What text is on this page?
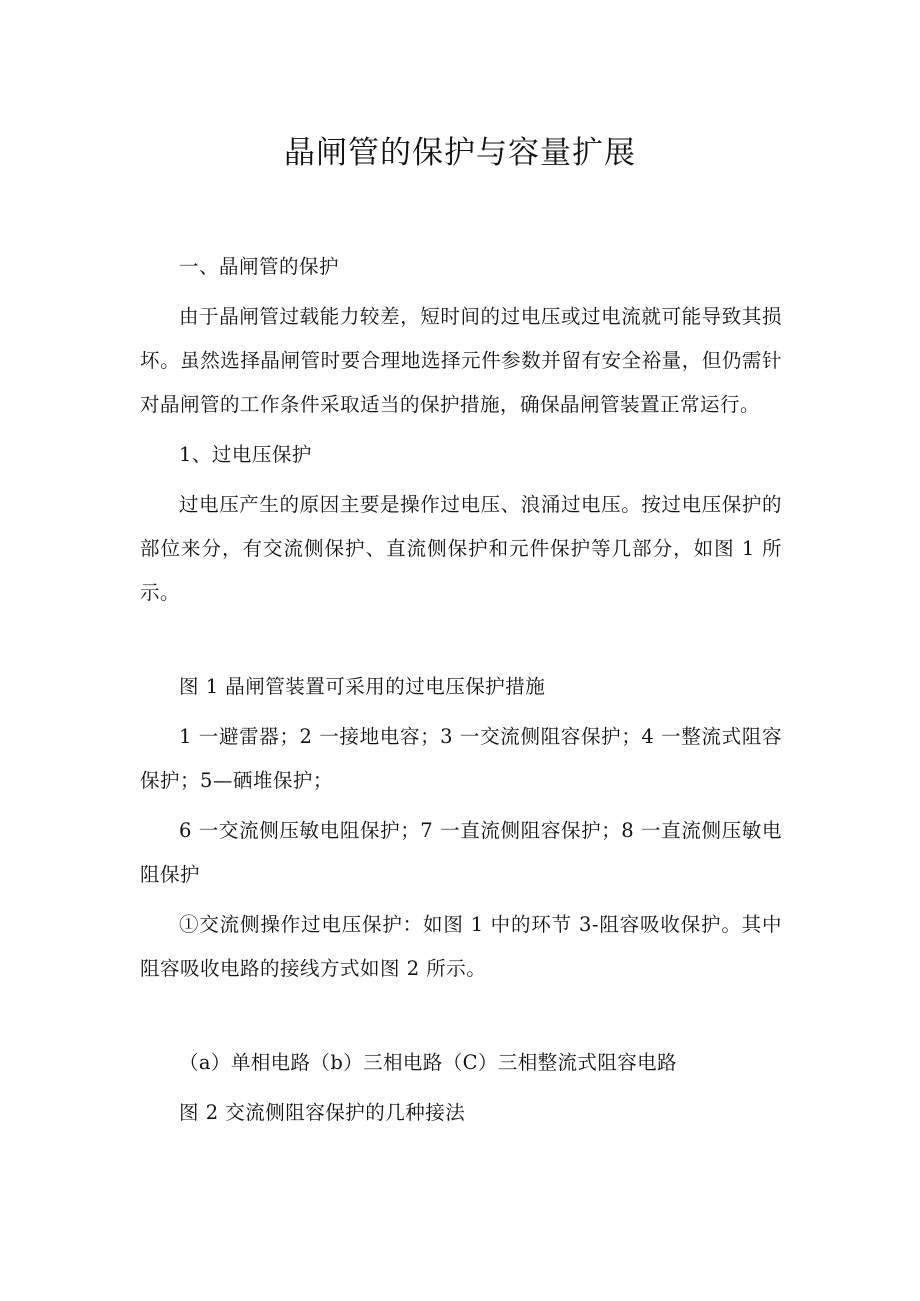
晶闸管的保护与容量扩展

一、晶闸管的保护

由于晶闸管过载能力较差，短时间的过电压或过电流就可能导致其损坏。虽然选择晶闸管时要合理地选择元件参数并留有安全裕量，但仍需针对晶闸管的工作条件采取适当的保护措施，确保晶闸管装置正常运行。

1、过电压保护

过电压产生的原因主要是操作过电压、浪涌过电压。按过电压保护的部位来分，有交流侧保护、直流侧保护和元件保护等几部分，如图 1 所示。

图 1 晶闸管装置可采用的过电压保护措施

1 一避雷器；2 一接地电容；3 一交流侧阻容保护；4 一整流式阻容保护；5—硒堆保护；

6 一交流侧压敏电阻保护；7 一直流侧阻容保护；8 一直流侧压敏电阻保护

①交流侧操作过电压保护：如图 1 中的环节 3-阻容吸收保护。其中阻容吸收电路的接线方式如图 2 所示。

（a）单相电路（b）三相电路（C）三相整流式阻容电路

图 2 交流侧阻容保护的几种接法
